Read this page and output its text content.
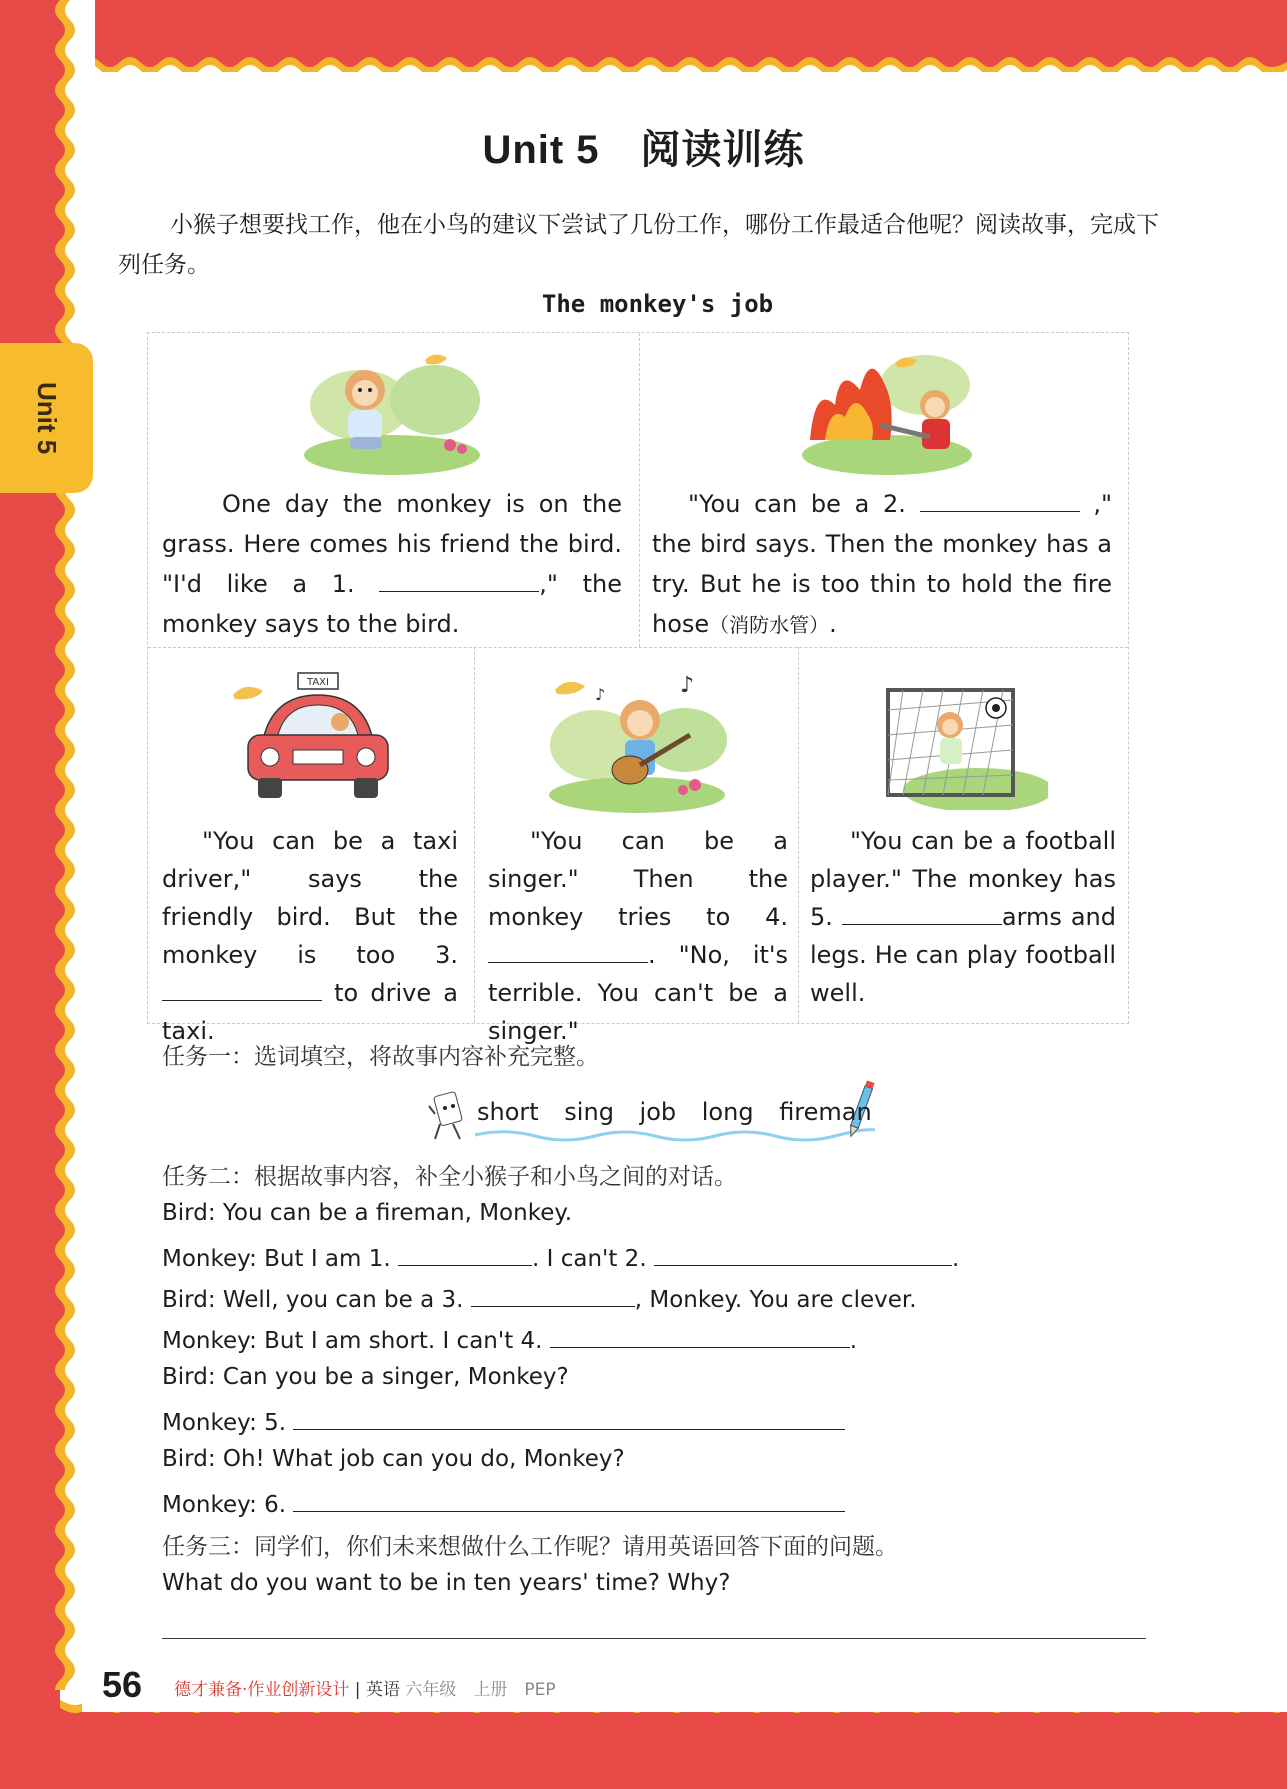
Unit 5
Unit 5　阅读训练
小猴子想要找工作，他在小鸟的建议下尝试了几份工作，哪份工作最适合他呢？阅读故事，完成下列任务。
The monkey's job
TAXI	♪
♪
One day the monkey is on the grass. Here comes his friend the bird. "I'd like a 1.	," the monkey says to the bird.
"You can be a 2.	," the bird says. Then the monkey has a try. But he is too thin to hold the fire hose（消防水管）.
"You can be a taxi driver," says the friendly bird. But the monkey is too 3.  to drive a taxi.
"You can be a singer." Then the monkey tries to 4. . "No, it's terrible. You can't be a singer."
"You can be a football player." The monkey has 5.	arms and legs. He can play football well.
任务一：选词填空，将故事内容补充完整。
short sing job long fireman
任务二：根据故事内容，补全小猴子和小鸟之间的对话。
Bird: You can be a fireman, Monkey.
Monkey: But I am 1.	. I can't 2.	.
Bird: Well, you can be a 3.	, Monkey. You are clever.
Monkey: But I am short. I can't 4.	.
Bird: Can you be a singer, Monkey?
Monkey: 5.
Bird: Oh! What job can you do, Monkey?
Monkey: 6.
任务三：同学们，你们未来想做什么工作呢？请用英语回答下面的问题。
What do you want to be in ten years' time? Why?
56 德才兼备·作业创新设计 | 英语 六年级　上册　PEP
